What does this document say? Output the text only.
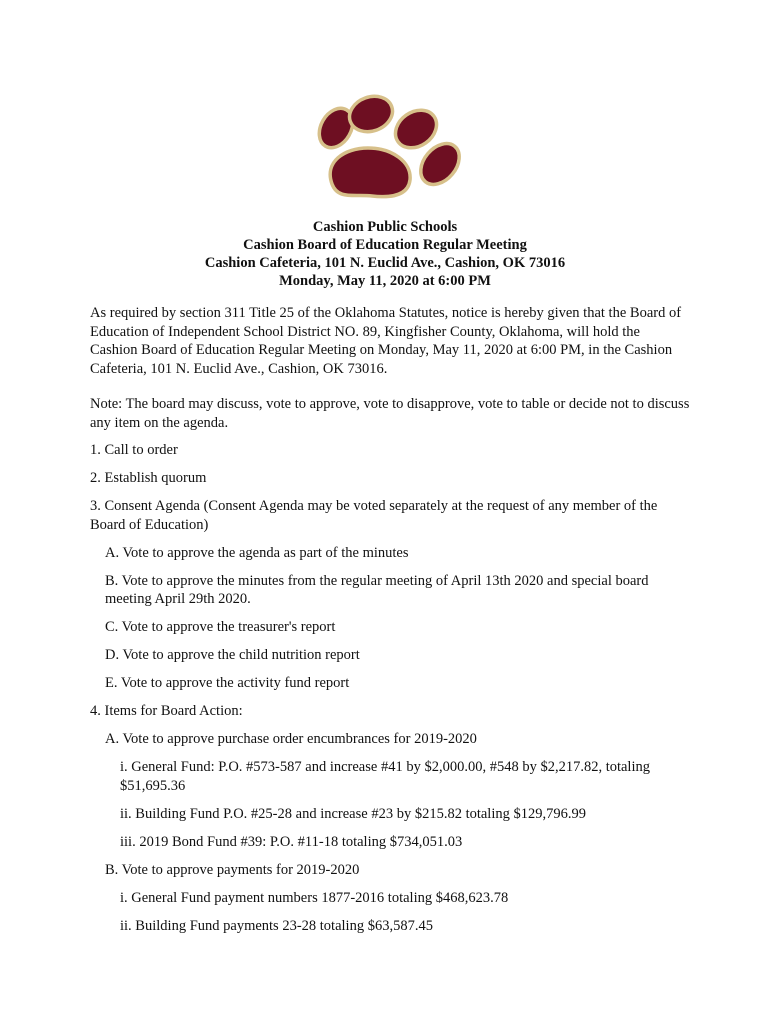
Cashion Public Schools
Cashion Board of Education Regular Meeting
Cashion Cafeteria, 101 N. Euclid Ave., Cashion, OK 73016
Monday, May 11, 2020 at 6:00 PM

As required by section 311 Title 25 of the Oklahoma Statutes, notice is hereby given that the Board of Education of Independent School District NO. 89, Kingfisher County, Oklahoma, will hold the Cashion Board of Education Regular Meeting on Monday, May 11, 2020 at 6:00 PM, in the Cashion Cafeteria, 101 N. Euclid Ave., Cashion, OK 73016.

Note: The board may discuss, vote to approve, vote to disapprove, vote to table or decide not to discuss any item on the agenda.

1. Call to order
2. Establish quorum
3. Consent Agenda (Consent Agenda may be voted separately at the request of any member of the Board of Education)
A. Vote to approve the agenda as part of the minutes
B. Vote to approve the minutes from the regular meeting of April 13th 2020 and special board meeting April 29th 2020.
C. Vote to approve the treasurer's report
D. Vote to approve the child nutrition report
E. Vote to approve the activity fund report
4. Items for Board Action:
A. Vote to approve purchase order encumbrances for 2019-2020
i. General Fund: P.O. #573-587 and increase #41 by $2,000.00, #548 by $2,217.82, totaling $51,695.36
ii. Building Fund P.O. #25-28 and increase #23 by $215.82 totaling $129,796.99
iii. 2019 Bond Fund #39: P.O. #11-18 totaling $734,051.03
B. Vote to approve payments for 2019-2020
i. General Fund payment numbers 1877-2016 totaling $468,623.78
ii. Building Fund payments 23-28 totaling $63,587.45
